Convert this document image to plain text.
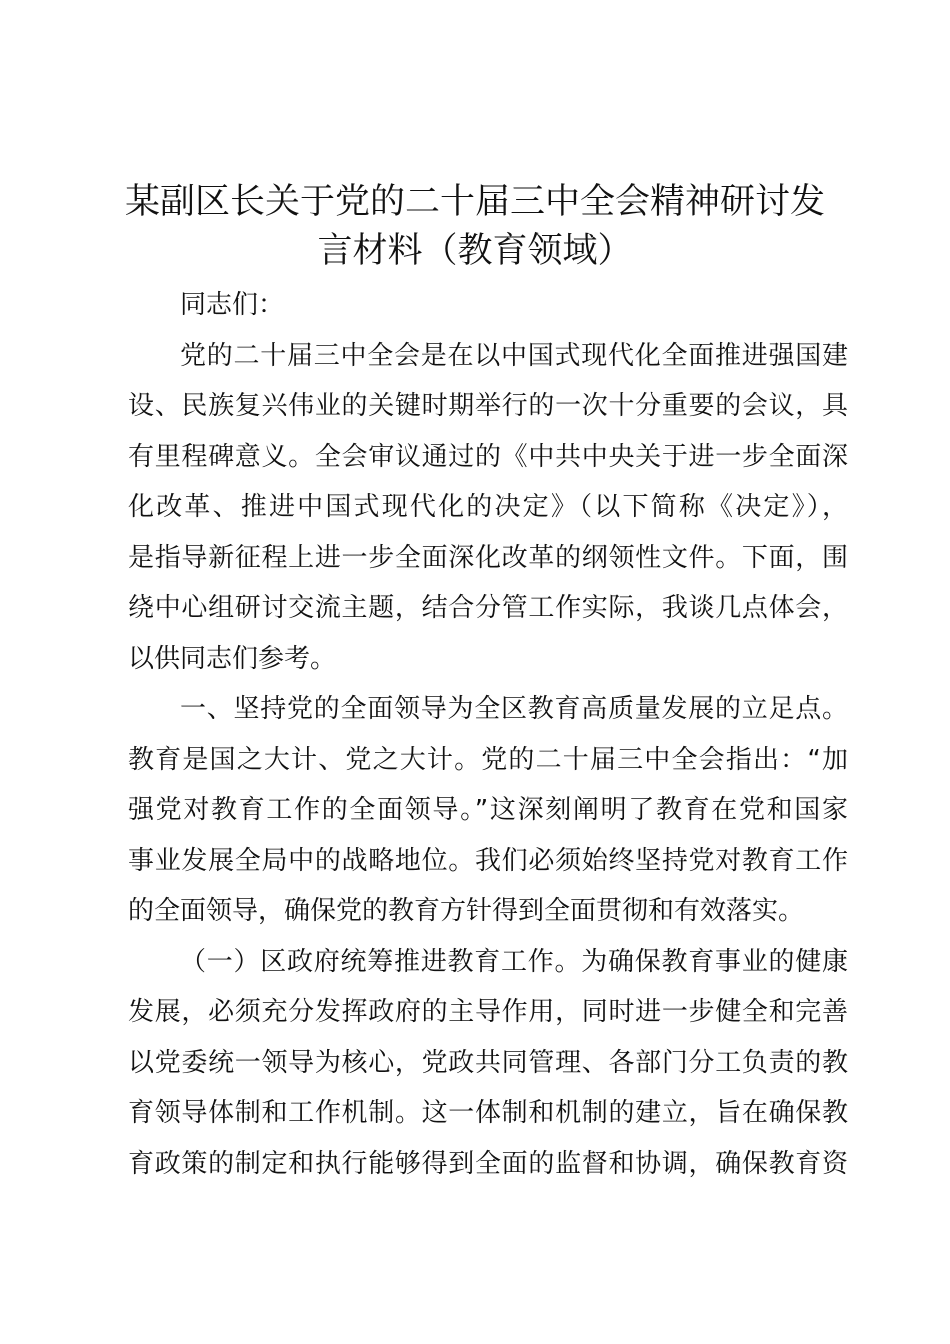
某副区长关于党的二十届三中全会精神研讨发
言材料（教育领域）
同志们：
党的二十届三中全会是在以中国式现代化全面推进强国建
设、民族复兴伟业的关键时期举行的一次十分重要的会议，具
有里程碑意义。全会审议通过的《中共中央关于进一步全面深
化改革、推进中国式现代化的决定》（以下简称《决定》），
是指导新征程上进一步全面深化改革的纲领性文件。下面，围
绕中心组研讨交流主题，结合分管工作实际，我谈几点体会，
以供同志们参考。
一、坚持党的全面领导为全区教育高质量发展的立足点。
教育是国之大计、党之大计。党的二十届三中全会指出：“加
强党对教育工作的全面领导。”这深刻阐明了教育在党和国家
事业发展全局中的战略地位。我们必须始终坚持党对教育工作
的全面领导，确保党的教育方针得到全面贯彻和有效落实。
（一）区政府统筹推进教育工作。为确保教育事业的健康
发展，必须充分发挥政府的主导作用，同时进一步健全和完善
以党委统一领导为核心，党政共同管理、各部门分工负责的教
育领导体制和工作机制。这一体制和机制的建立，旨在确保教
育政策的制定和执行能够得到全面的监督和协调，确保教育资
